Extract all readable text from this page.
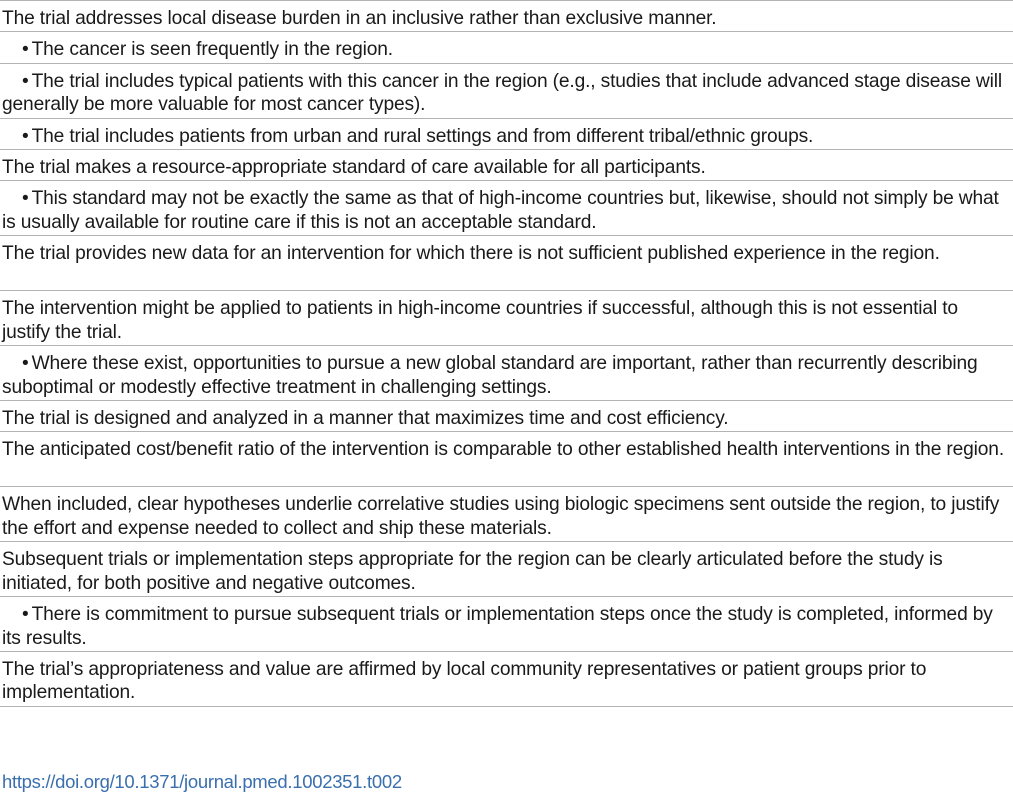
The trial addresses local disease burden in an inclusive rather than exclusive manner.
• The cancer is seen frequently in the region.
• The trial includes typical patients with this cancer in the region (e.g., studies that include advanced stage disease will generally be more valuable for most cancer types).
• The trial includes patients from urban and rural settings and from different tribal/ethnic groups.
The trial makes a resource-appropriate standard of care available for all participants.
• This standard may not be exactly the same as that of high-income countries but, likewise, should not simply be what is usually available for routine care if this is not an acceptable standard.
The trial provides new data for an intervention for which there is not sufficient published experience in the region.
The intervention might be applied to patients in high-income countries if successful, although this is not essential to justify the trial.
• Where these exist, opportunities to pursue a new global standard are important, rather than recurrently describing suboptimal or modestly effective treatment in challenging settings.
The trial is designed and analyzed in a manner that maximizes time and cost efficiency.
The anticipated cost/benefit ratio of the intervention is comparable to other established health interventions in the region.
When included, clear hypotheses underlie correlative studies using biologic specimens sent outside the region, to justify the effort and expense needed to collect and ship these materials.
Subsequent trials or implementation steps appropriate for the region can be clearly articulated before the study is initiated, for both positive and negative outcomes.
• There is commitment to pursue subsequent trials or implementation steps once the study is completed, informed by its results.
The trial’s appropriateness and value are affirmed by local community representatives or patient groups prior to implementation.
https://doi.org/10.1371/journal.pmed.1002351.t002
